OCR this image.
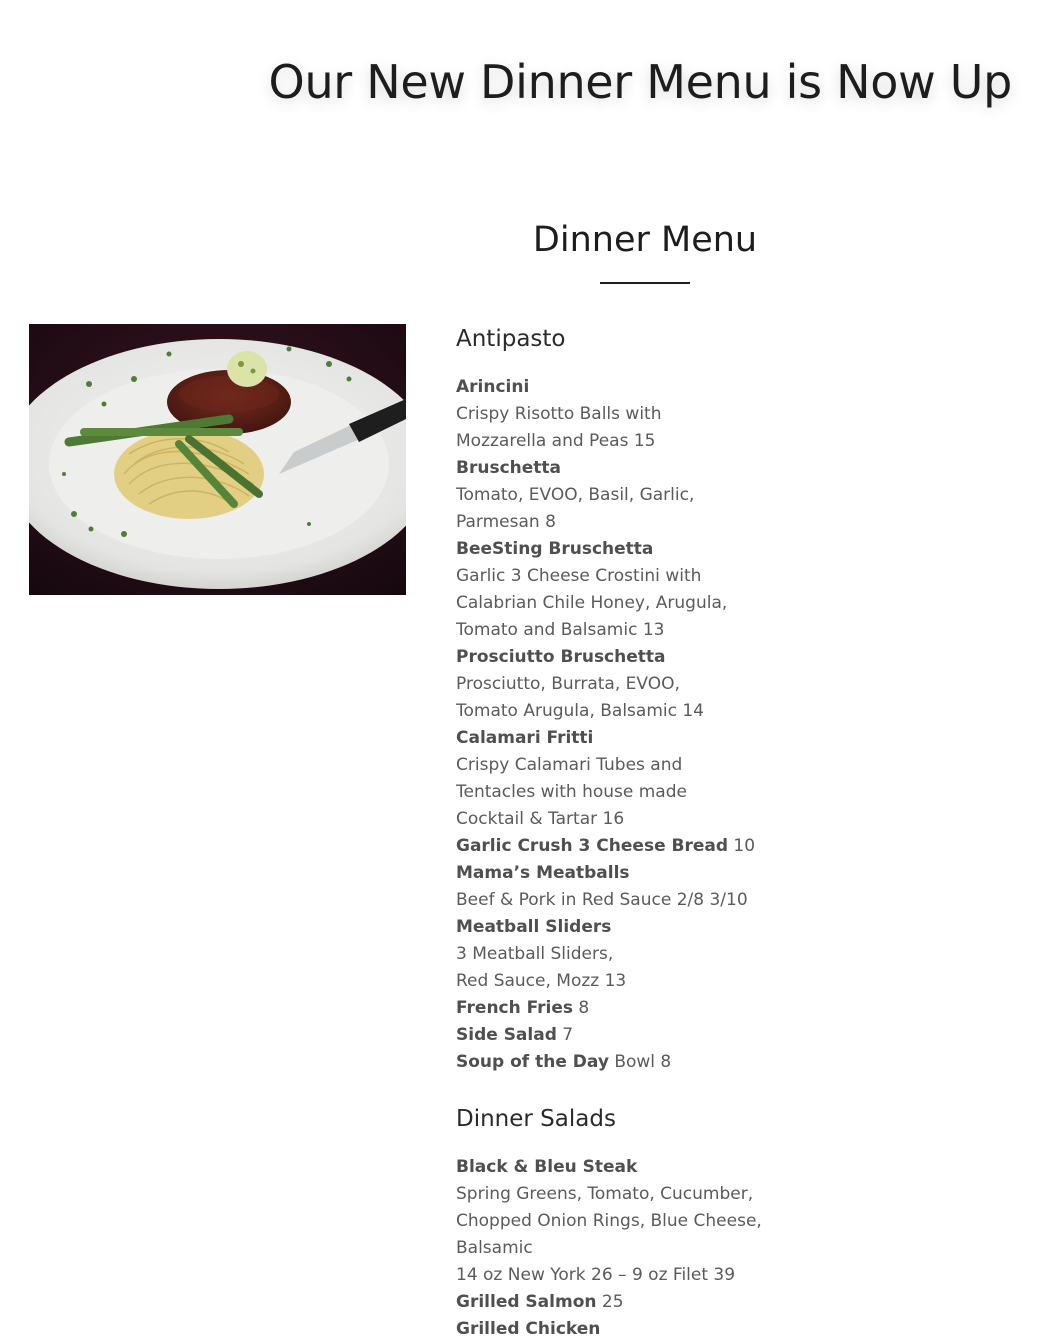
Our New Dinner Menu is Now Up
Dinner Menu
Antipasto
Arincini
Crispy Risotto Balls with
Mozzarella and Peas 15
Bruschetta
Tomato, EVOO, Basil, Garlic,
Parmesan 8
BeeSting Bruschetta
Garlic 3 Cheese Crostini with
Calabrian Chile Honey, Arugula,
Tomato and Balsamic 13
Prosciutto Bruschetta
Prosciutto, Burrata, EVOO,
Tomato Arugula, Balsamic 14
Calamari Fritti
Crispy Calamari Tubes and
Tentacles with house made
Cocktail & Tartar 16
Garlic Crush 3 Cheese Bread 10
Mama’s Meatballs
Beef & Pork in Red Sauce 2/8 3/10
Meatball Sliders
3 Meatball Sliders,
Red Sauce, Mozz 13
French Fries 8
Side Salad 7
Soup of the Day Bowl 8
Dinner Salads
Black & Bleu Steak
Spring Greens, Tomato, Cucumber,
Chopped Onion Rings, Blue Cheese,
Balsamic
14 oz New York 26 – 9 oz Filet 39
Grilled Salmon 25
Grilled Chicken
